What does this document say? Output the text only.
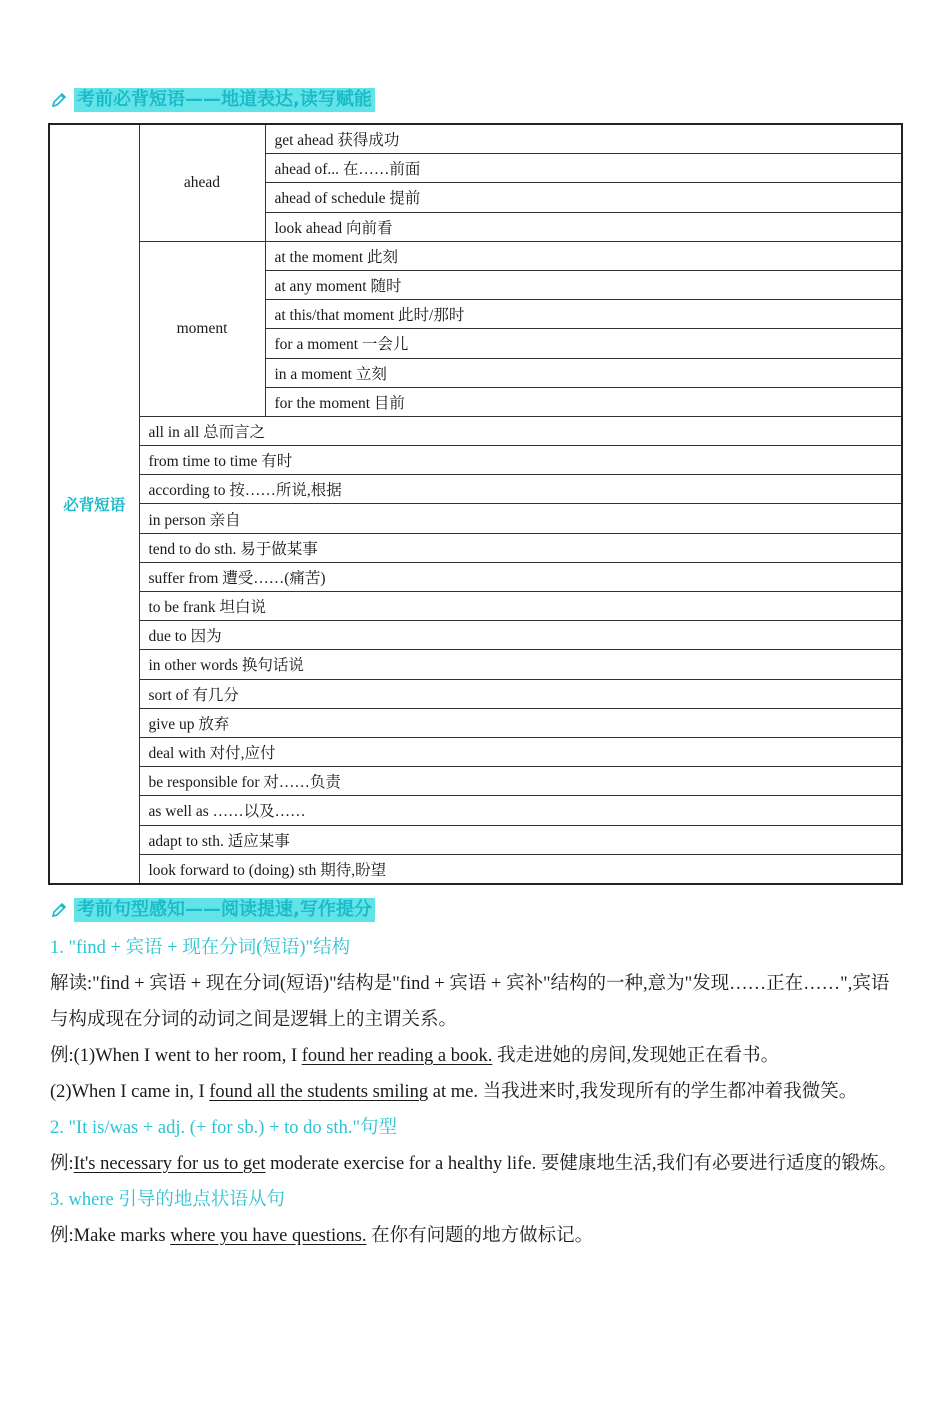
考前必背短语——地道表达,读写赋能
必背短语	ahead	get ahead 获得成功
		ahead of... 在……前面
		ahead of schedule 提前
		look ahead 向前看
	moment	at the moment 此刻
		at any moment 随时
		at this/that moment 此时/那时
		for a moment 一会儿
		in a moment 立刻
		for the moment 目前
	all in all 总而言之	
	from time to time 有时	
	according to 按……所说,根据	
	in person 亲自	
	tend to do sth. 易于做某事	
	suffer from 遭受……(痛苦)	
	to be frank 坦白说	
	due to 因为	
	in other words 换句话说	
	sort of 有几分	
	give up 放弃	
	deal with 对付,应付	
	be responsible for 对……负责	
	as well as ……以及……	
	adapt to sth. 适应某事	
	look forward to (doing) sth 期待,盼望	
考前句型感知——阅读提速,写作提分

1. "find + 宾语 + 现在分词(短语)"结构

解读:"find + 宾语 + 现在分词(短语)"结构是"find + 宾语 + 宾补"结构的一种,意为"发现……正在……",宾语与构成现在分词的动词之间是逻辑上的主谓关系。

例:(1)When I went to her room, I found her reading a book. 我走进她的房间,发现她正在看书。

(2)When I came in, I found all the students smiling at me. 当我进来时,我发现所有的学生都冲着我微笑。

2. "It is/was + adj. (+ for sb.) + to do sth."句型

例:It's necessary for us to get moderate exercise for a healthy life. 要健康地生活,我们有必要进行适度的锻炼。

3. where 引导的地点状语从句

例:Make marks where you have questions. 在你有问题的地方做标记。
